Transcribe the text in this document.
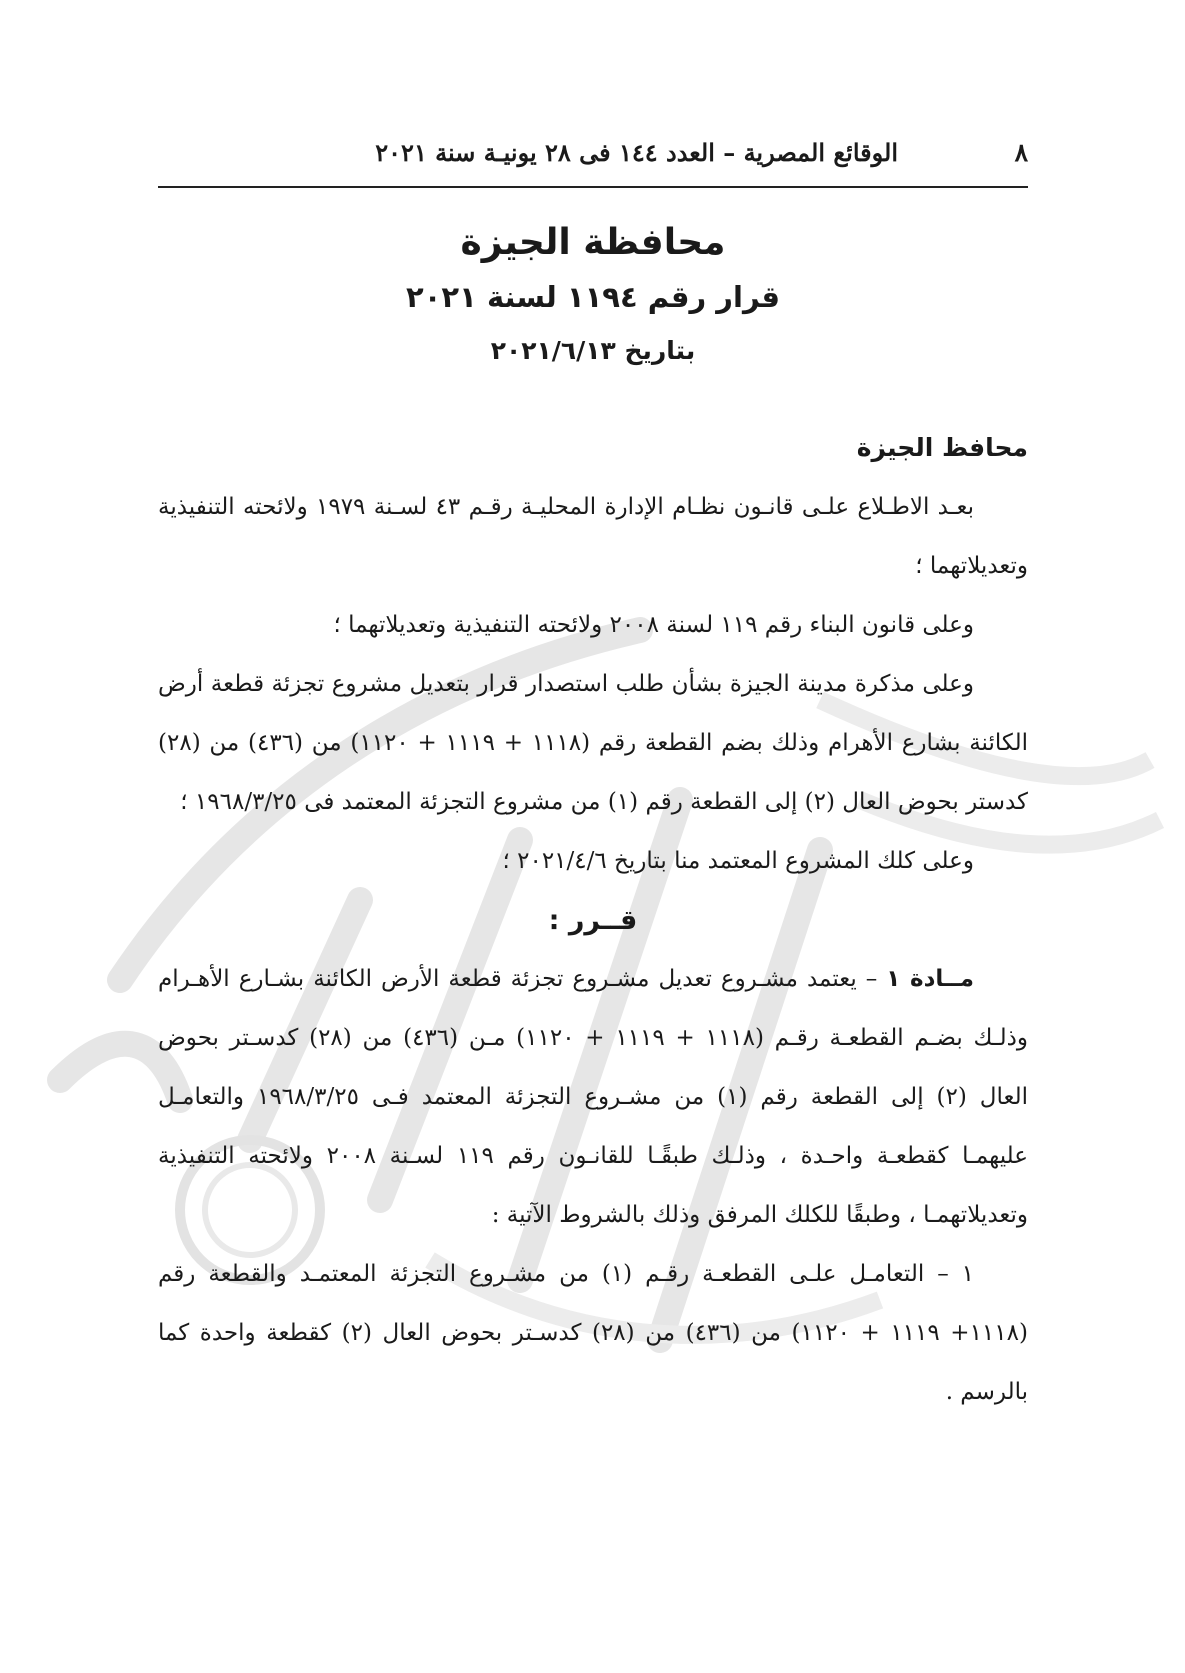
٨
الوقائع المصرية – العدد ١٤٤ فى ٢٨ يونيـة سنة ٢٠٢١

محافظة الجيزة

قرار رقم ١١٩٤ لسنة ٢٠٢١

بتاريخ ٢٠٢١/٦/١٣

محافظ الجيزة

بعـد الاطـلاع علـى قانـون نظـام الإدارة المحليـة رقـم ٤٣ لسـنة ١٩٧٩ ولائحته التنفيذية وتعديلاتهما ؛

وعلى قانون البناء رقم ١١٩ لسنة ٢٠٠٨ ولائحته التنفيذية وتعديلاتهما ؛

وعلى مذكرة مدينة الجيزة بشأن طلب استصدار قرار بتعديل مشروع تجزئة قطعة أرض الكائنة بشارع الأهرام وذلك بضم القطعة رقم (١١١٨ + ١١١٩ + ١١٢٠) من (٤٣٦) من (٢٨) كدستر بحوض العال (٢) إلى القطعة رقم (١) من مشروع التجزئة المعتمد فى ١٩٦٨/٣/٢٥ ؛

وعلى كلك المشروع المعتمد منا بتاريخ ٢٠٢١/٤/٦ ؛

قــرر :

مــادة ١ – يعتمد مشـروع تعديل مشـروع تجزئة قطعة الأرض الكائنة بشـارع الأهـرام وذلـك بضـم القطعـة رقـم (١١١٨ + ١١١٩ + ١١٢٠) مـن (٤٣٦) من (٢٨) كدسـتر بحوض العال (٢) إلى القطعة رقم (١) من مشـروع التجزئة المعتمد فـى ١٩٦٨/٣/٢٥ والتعامـل عليهمـا كقطعـة واحـدة ، وذلـك طبقًـا للقانـون رقم ١١٩ لسـنة ٢٠٠٨ ولائحته التنفيذية وتعديلاتهمـا ، وطبقًا للكلك المرفق وذلك بالشروط الآتية :

١ – التعامـل علـى القطعـة رقـم (١) من مشـروع التجزئة المعتمـد والقطعة رقم (١١١٨+ ١١١٩ + ١١٢٠) من (٤٣٦) من (٢٨) كدسـتر بحوض العال (٢) كقطعة واحدة كما بالرسم .
